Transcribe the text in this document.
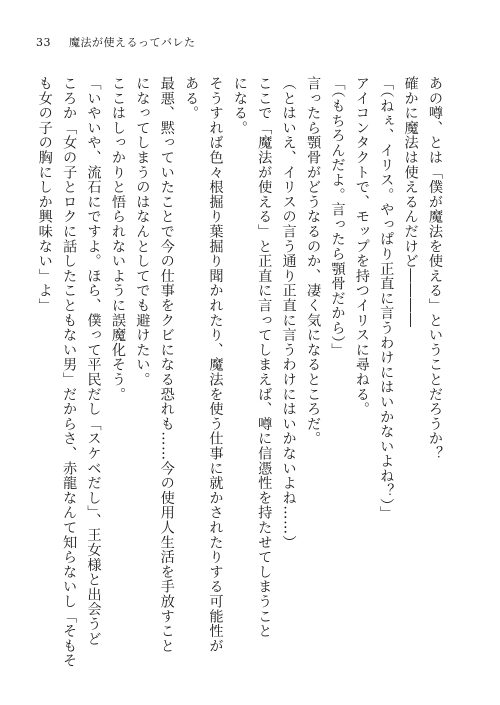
33 魔法が使えるってバレた
あの噂、とは「僕が魔法を使える」ということだろうか？
確かに魔法は使えるんだけど――――
「（ねぇ、イリス。やっぱり正直に言うわけにはいかないよね？）」
アイコンタクトで、モップを持つイリスに尋ねる。
「（もちろんだよ。言ったら顎骨だから）」
言ったら顎骨がどうなるのか、凄く気になるところだ。
（とはいえ、イリスの言う通り正直に言うわけにはいかないよね……）
ここで「魔法が使える」と正直に言ってしまえば、噂に信憑性を持たせてしまうこと
になる。
そうすれば色々根掘り葉掘り聞かれたり、魔法を使う仕事に就かされたりする可能性が
ある。
最悪、黙っていたことで今の仕事をクビになる恐れも……今の使用人生活を手放すこと
になってしまうのはなんとしてでも避けたい。
ここはしっかりと悟られないように誤魔化そう。
「いやいや、流石にですよ。ほら、僕って平民だし「スケベだし」、王女様と出会うど
ころか「女の子とロクに話したこともない男」だからさ、赤龍なんて知らないし「そもそ
も女の子の胸にしか興味ない」よ」
